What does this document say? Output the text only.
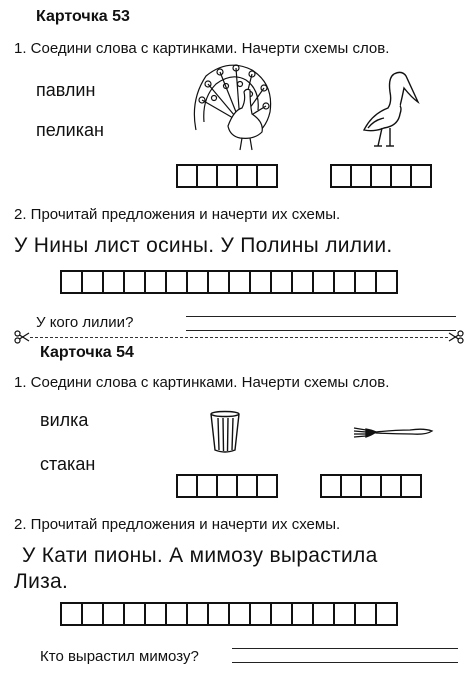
Карточка 53
1. Соедини слова с картинками. Начерти схемы слов.
павлин
пеликан
2. Прочитай предложения и начерти их схемы.
У Нины лист осины. У Полины лилии.
У кого лилии?
Карточка 54
1. Соедини слова с картинками. Начерти схемы слов.
вилка
стакан
2. Прочитай предложения и начерти их схемы.
У Кати пионы. А мимозу вырастила
Лиза.
Кто вырастил мимозу?
